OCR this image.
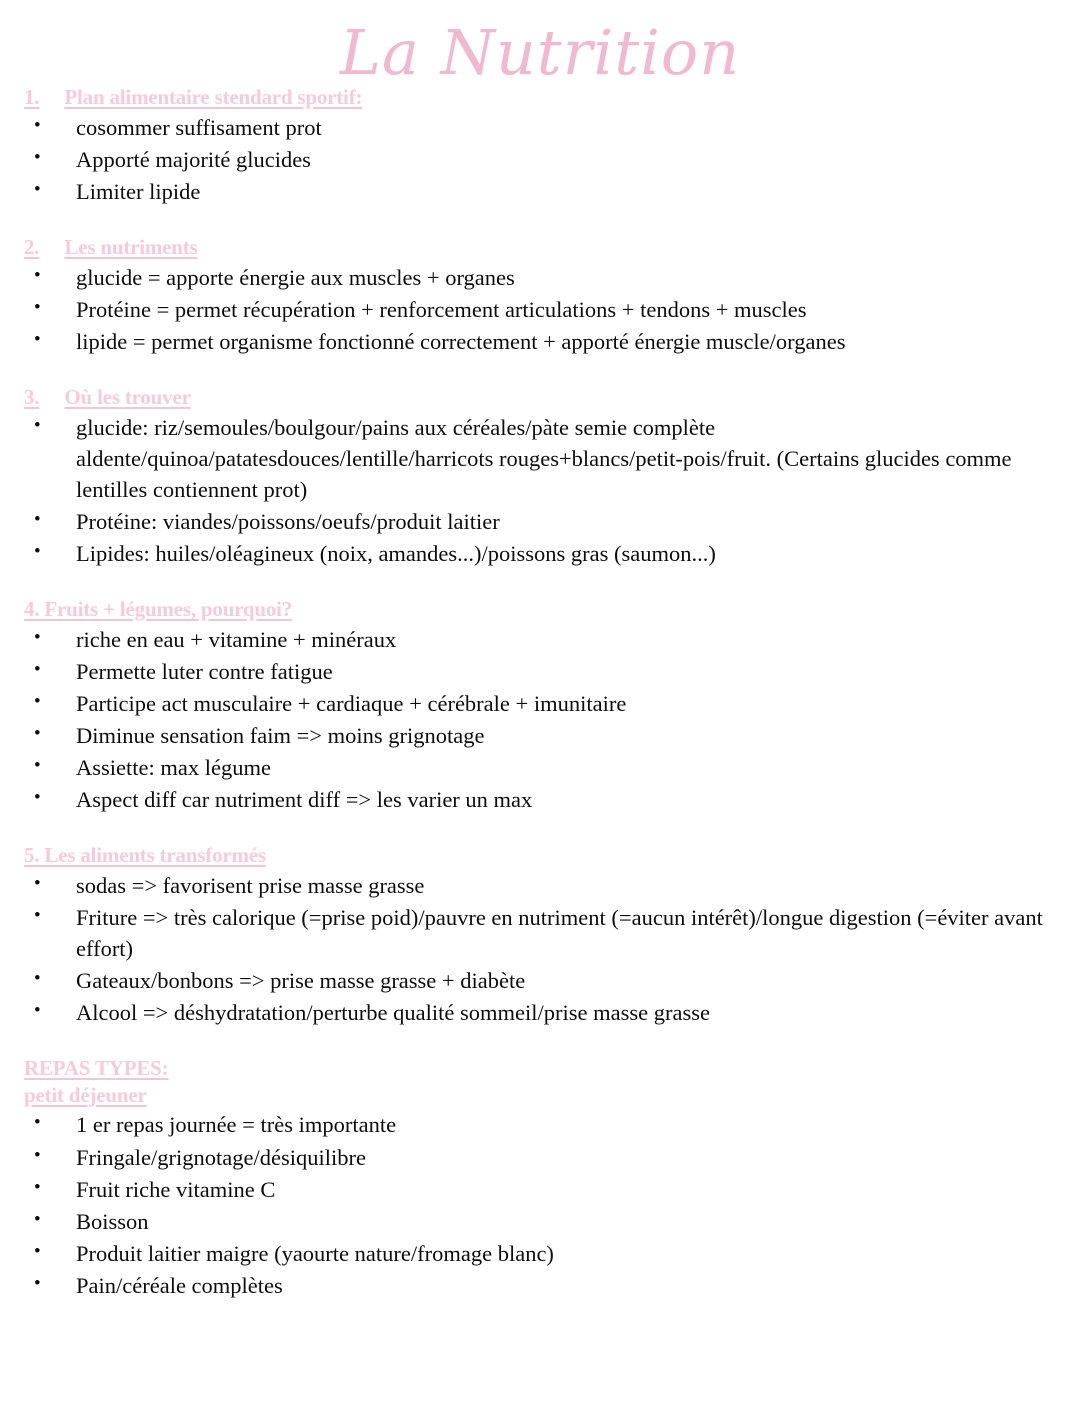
La Nutrition
1.	Plan alimentaire stendard sportif:
• cosommer suffisament prot
• Apporté majorité glucides
• Limiter lipide
2.	Les nutriments
• glucide = apporte énergie aux muscles + organes
• Protéine = permet récupération + renforcement articulations + tendons + muscles
• lipide = permet organisme fonctionné correctement + apporté énergie muscle/organes
3.	Où les trouver
• glucide: riz/semoules/boulgour/pains aux céréales/pàte semie complète aldente/quinoa/patatesdouces/lentille/harricots rouges+blancs/petit-pois/fruit. (Certains glucides comme lentilles contiennent prot)
• Protéine: viandes/poissons/oeufs/produit laitier
• Lipides: huiles/oléagineux (noix, amandes...)/poissons gras (saumon...)
4. Fruits + légumes, pourquoi?
• riche en eau + vitamine + minéraux
• Permette luter contre fatigue
• Participe act musculaire + cardiaque + cérébrale + imunitaire
• Diminue sensation faim => moins grignotage
• Assiette: max légume
• Aspect diff car nutriment diff => les varier un max
5. Les aliments transformés
• sodas => favorisent prise masse grasse
• Friture => très calorique (=prise poid)/pauvre en nutriment (=aucun intérêt)/longue digestion (=éviter avant effort)
• Gateaux/bonbons => prise masse grasse + diabète
• Alcool => déshydratation/perturbe qualité sommeil/prise masse grasse
REPAS TYPES:
petit déjeuner
• 1 er repas journée = très importante
• Fringale/grignotage/désiquilibre
• Fruit riche vitamine C
• Boisson
• Produit laitier maigre (yaourte nature/fromage blanc)
• Pain/céréale complètes
